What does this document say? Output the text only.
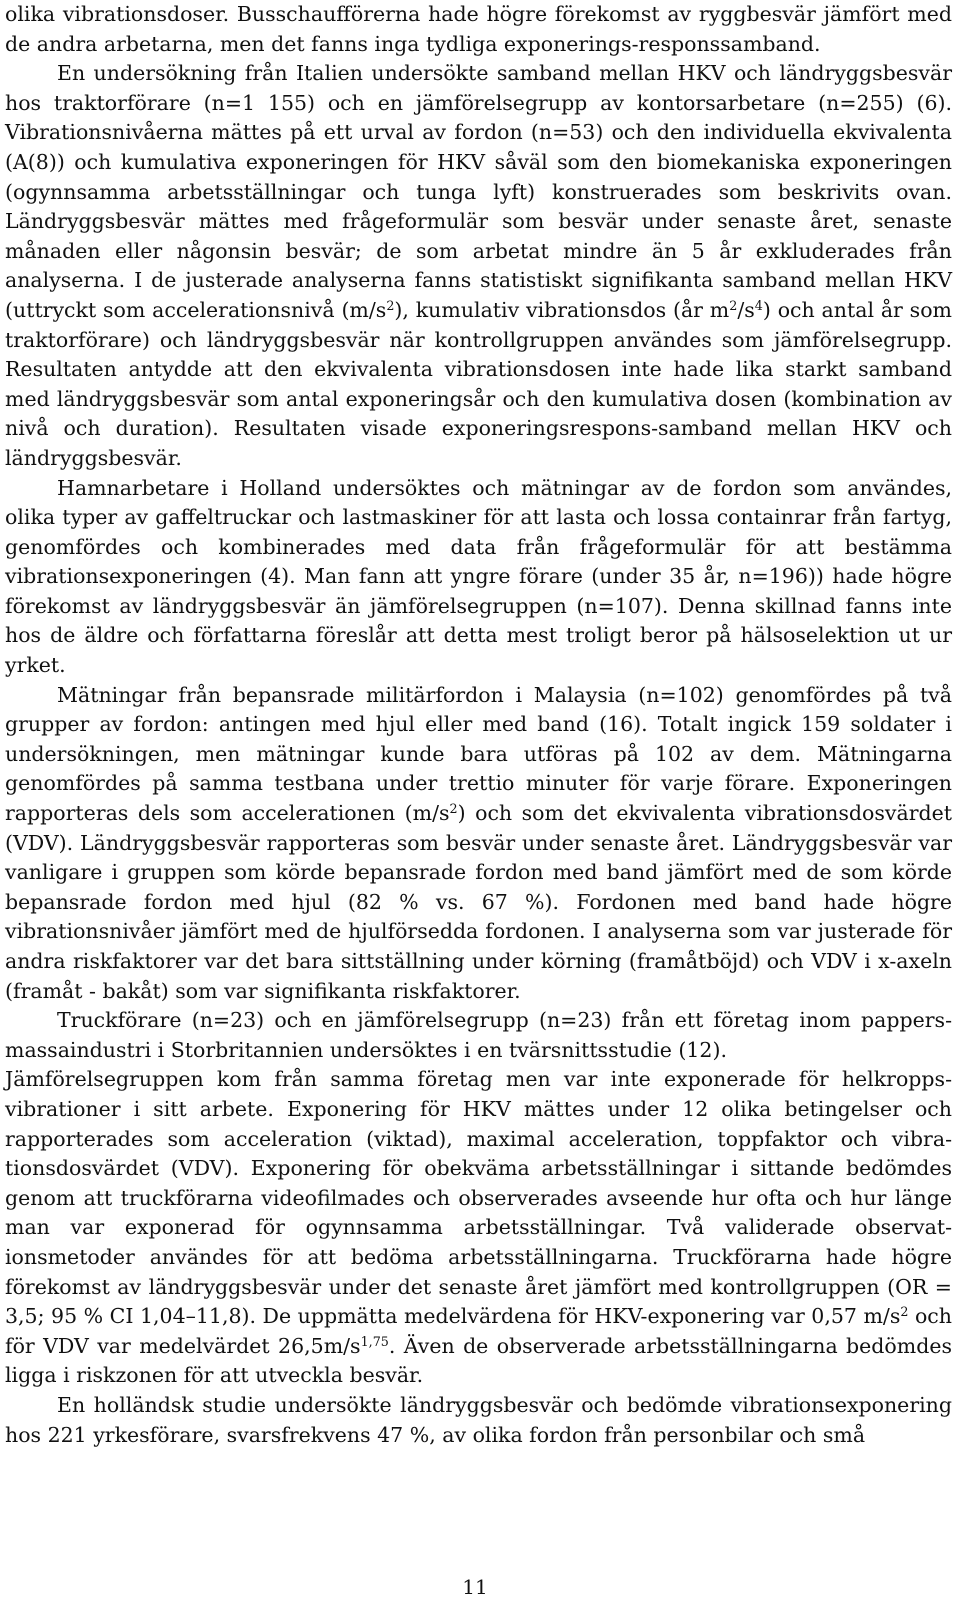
olika vibrationsdoser. Busschaufförerna hade högre förekomst av ryggbesvär jämfört med de andra arbetarna, men det fanns inga tydliga exponerings-responssamband.

En undersökning från Italien undersökte samband mellan HKV och ländryggsbesvär hos traktorförare (n=1 155) och en jämförelsegrupp av kontorsarbetare (n=255) (6). Vibrationsnivåerna mättes på ett urval av fordon (n=53) och den individuella ekvivalenta (A(8)) och kumulativa exponeringen för HKV såväl som den biomekaniska exponeringen (ogynnsamma arbetsställningar och tunga lyft) konstruerades som beskrivits ovan. Ländryggsbesvär mättes med frågeformulär som besvär under senaste året, senaste månaden eller någonsin besvär; de som arbetat mindre än 5 år exkluderades från analyserna. I de justerade analyserna fanns statistiskt signifikanta samband mellan HKV (uttryckt som accelerationsnivå $(m/s^2)$, kumulativ vibrationsdos (år $m^2/s^4$) och antal år som traktorförare) och ländryggsbesvär när kontrollgruppen användes som jämförelsegrupp. Resultaten antydde att den ekvivalenta vibrationsdosen inte hade lika starkt samband med ländryggsbesvär som antal exponeringsår och den kumulativa dosen (kombination av nivå och duration). Resultaten visade exponeringsrespons-samband mellan HKV och ländryggsbesvär.

Hamnarbetare i Holland undersöktes och mätningar av de fordon som användes, olika typer av gaffeltruckar och lastmaskiner för att lasta och lossa containrar från fartyg, genomfördes och kombinerades med data från frågeformulär för att bestämma vibrationsexponeringen (4). Man fann att yngre förare (under 35 år, n=196)) hade högre förekomst av ländryggsbesvär än jämförelsegruppen (n=107). Denna skillnad fanns inte hos de äldre och författarna föreslår att detta mest troligt beror på hälsoselektion ut ur yrket.

Mätningar från bepansrade militärfordon i Malaysia (n=102) genomfördes på två grupper av fordon: antingen med hjul eller med band (16). Totalt ingick 159 soldater i undersökningen, men mätningar kunde bara utföras på 102 av dem. Mätningarna genomfördes på samma testbana under trettio minuter för varje förare. Exponeringen rapporteras dels som accelerationen $(m/s^2)$ och som det ekvivalenta vibrationsdosvärdet (VDV). Ländryggsbesvär rapporteras som besvär under senaste året. Ländryggsbesvär var vanligare i gruppen som körde bepansrade fordon med band jämfört med de som körde bepansrade fordon med hjul (82 % vs. 67 %). Fordonen med band hade högre vibrationsnivåer jämfört med de hjulförsedda fordonen. I analyserna som var justerade för andra riskfaktorer var det bara sittställning under körning (framåtböjd) och VDV i x-axeln (framåt - bakåt) som var signifikanta riskfaktorer.

Truckförare (n=23) och en jämförelsegrupp (n=23) från ett företag inom pappersmassaindustri i Storbritannien undersöktes i en tvärsnittsstudie (12).

Jämförelsegruppen kom från samma företag men var inte exponerade för helkroppsvibrationer i sitt arbete. Exponering för HKV mättes under 12 olika betingelser och rapporterades som acceleration (viktad), maximal acceleration, toppfaktor och vibrationsdosvärdet (VDV). Exponering för obekväma arbetsställningar i sittande bedömdes genom att truckförarna videofilmades och observerades avseende hur ofta och hur länge man var exponerad för ogynnsamma arbetsställningar. Två validerade observationsmetoder användes för att bedöma arbetsställningarna. Truckförarna hade högre förekomst av ländryggsbesvär under det senaste året jämfört med kontrollgruppen (OR = 3,5; 95 % CI 1,04–11,8). De uppmätta medelvärdena för HKV-exponering var 0,57 $m/s^2$ och för VDV var medelvärdet $26,5m/s^{1,75}$. Även de observerade arbetsställningarna bedömdes ligga i riskzonen för att utveckla besvär.

En holländsk studie undersökte ländryggsbesvär och bedömde vibrationsexponering hos 221 yrkesförare, svarsfrekvens 47 %, av olika fordon från personbilar och små

11
